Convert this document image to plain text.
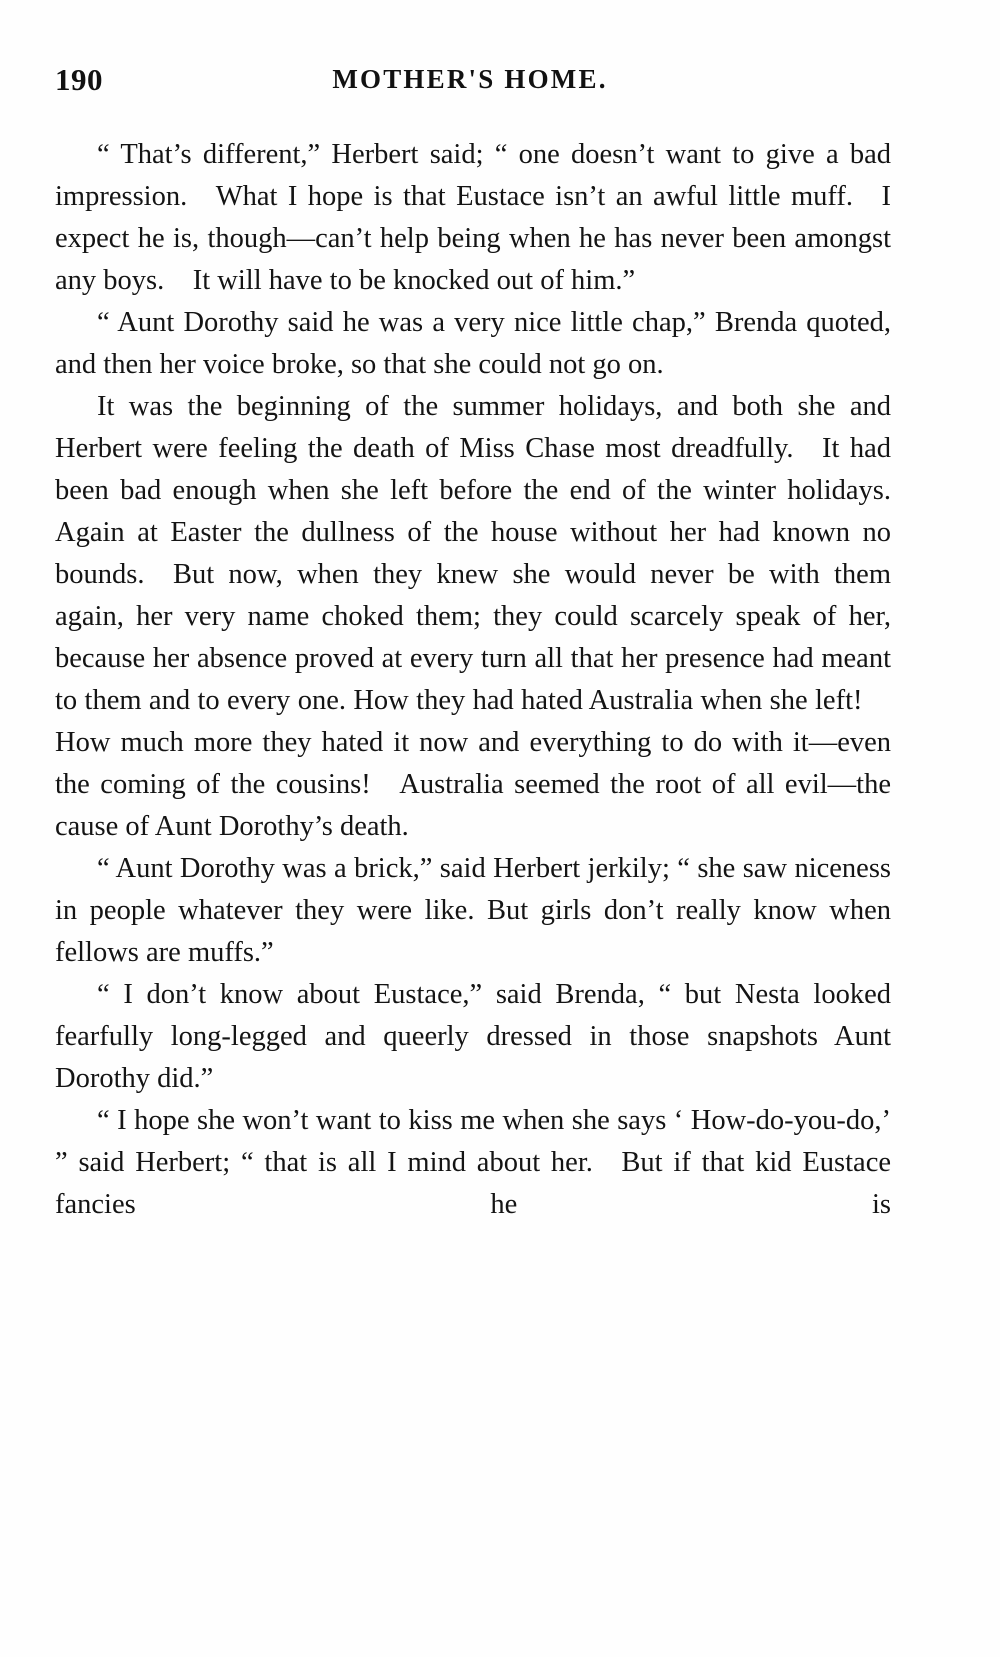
190	MOTHER'S HOME.

“ That’s different,” Herbert said; “ one doesn’t want to give a bad impression. What I hope is that Eustace isn’t an awful little muff. I expect he is, though—can’t help being when he has never been amongst any boys. It will have to be knocked out of him.”

“ Aunt Dorothy said he was a very nice little chap,” Brenda quoted, and then her voice broke, so that she could not go on.

It was the beginning of the summer holidays, and both she and Herbert were feeling the death of Miss Chase most dreadfully. It had been bad enough when she left before the end of the winter holidays. Again at Easter the dullness of the house without her had known no bounds. But now, when they knew she would never be with them again, her very name choked them; they could scarcely speak of her, because her absence proved at every turn all that her presence had meant to them and to every one. How they had hated Australia when she left! How much more they hated it now and everything to do with it—even the coming of the cousins! Australia seemed the root of all evil—the cause of Aunt Dorothy’s death.

“ Aunt Dorothy was a brick,” said Herbert jerkily; “ she saw niceness in people whatever they were like. But girls don’t really know when fellows are muffs.”

“ I don’t know about Eustace,” said Brenda, “ but Nesta looked fearfully long-legged and queerly dressed in those snapshots Aunt Dorothy did.”

“ I hope she won’t want to kiss me when she says ‘ How-do-you-do,’ ” said Herbert; “ that is all I mind about her. But if that kid Eustace fancies he is
